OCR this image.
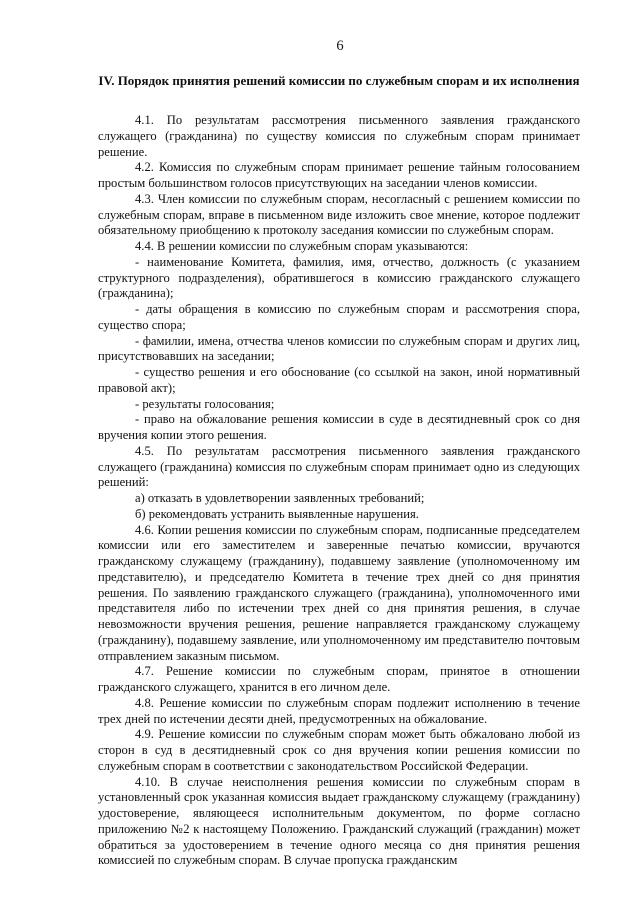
6
IV. Порядок принятия решений комиссии по служебным спорам и их исполнения

4.1. По результатам рассмотрения письменного заявления гражданского служащего (гражданина) по существу комиссия по служебным спорам принимает решение.

4.2. Комиссия по служебным спорам принимает решение тайным голосованием простым большинством голосов присутствующих на заседании членов комиссии.

4.3. Член комиссии по служебным спорам, несогласный с решением комиссии по служебным спорам, вправе в письменном виде изложить свое мнение, которое подлежит обязательному приобщению к протоколу заседания комиссии по служебным спорам.

4.4. В решении комиссии по служебным спорам указываются:

- наименование Комитета, фамилия, имя, отчество, должность (с указанием структурного подразделения), обратившегося в комиссию гражданского служащего (гражданина);

- даты обращения в комиссию по служебным спорам и рассмотрения спора, существо спора;

- фамилии, имена, отчества членов комиссии по служебным спорам и других лиц, присутствовавших на заседании;

- существо решения и его обоснование (со ссылкой на закон, иной нормативный правовой акт);

- результаты голосования;

- право на обжалование решения комиссии в суде в десятидневный срок со дня вручения копии этого решения.

4.5. По результатам рассмотрения письменного заявления гражданского служащего (гражданина) комиссия по служебным спорам принимает одно из следующих решений:

а) отказать в удовлетворении заявленных требований;

б) рекомендовать устранить выявленные нарушения.

4.6. Копии решения комиссии по служебным спорам, подписанные председателем комиссии или его заместителем и заверенные печатью комиссии, вручаются гражданскому служащему (гражданину), подавшему заявление (уполномоченному им представителю), и председателю Комитета в течение трех дней со дня принятия решения. По заявлению гражданского служащего (гражданина), уполномоченного ими представителя либо по истечении трех дней со дня принятия решения, в случае невозможности вручения решения, решение направляется гражданскому служащему (гражданину), подавшему заявление, или уполномоченному им представителю почтовым отправлением заказным письмом.

4.7. Решение комиссии по служебным спорам, принятое в отношении гражданского служащего, хранится в его личном деле.

4.8. Решение комиссии по служебным спорам подлежит исполнению в течение трех дней по истечении десяти дней, предусмотренных на обжалование.

4.9. Решение комиссии по служебным спорам может быть обжаловано любой из сторон в суд в десятидневный срок со дня вручения копии решения комиссии по служебным спорам в соответствии с законодательством Российской Федерации.

4.10. В случае неисполнения решения комиссии по служебным спорам в установленный срок указанная комиссия выдает гражданскому служащему (гражданину) удостоверение, являющееся исполнительным документом, по форме согласно приложению №2 к настоящему Положению. Гражданский служащий (гражданин) может обратиться за удостоверением в течение одного месяца со дня принятия решения комиссией по служебным спорам. В случае пропуска гражданским
